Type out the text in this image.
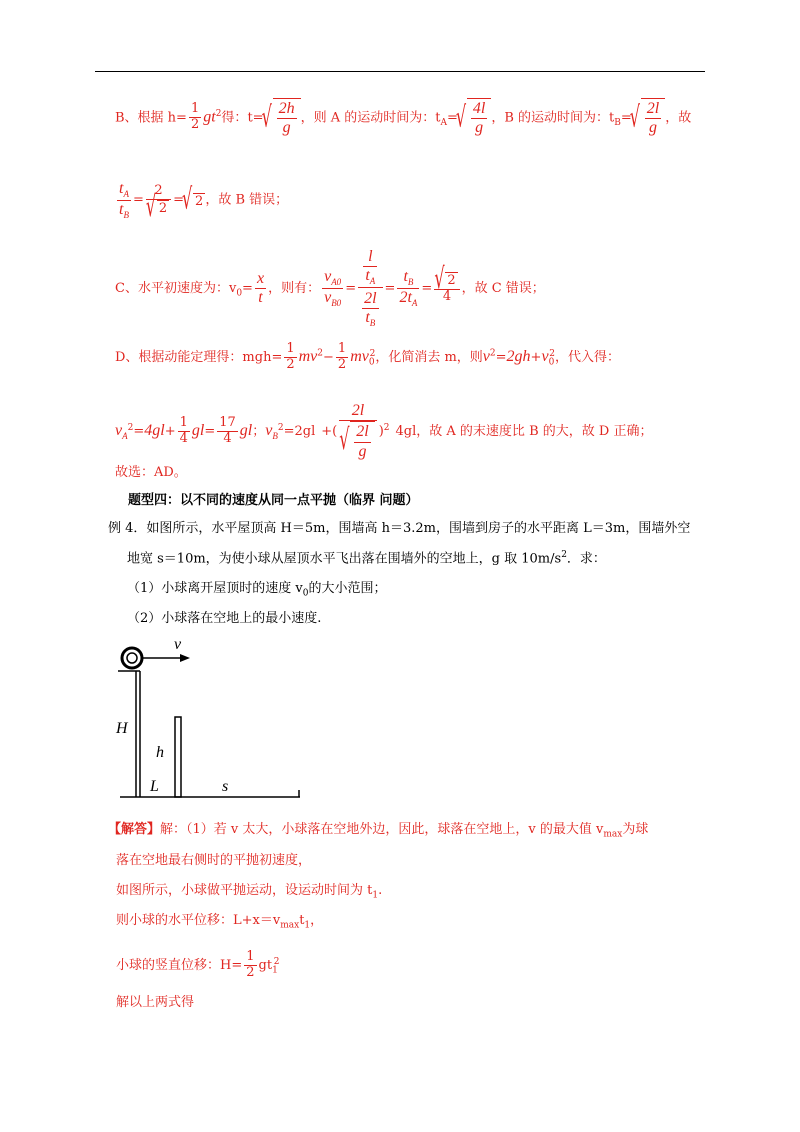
B、根据 $h= \frac{1}{2} gt^2$得：t= √ $\frac{2h}{g}$ ，则 A 的运动时间为：$t_A=$ √ $\frac{4l}{g}$ ，B 的运动时间为：$t_B=$ √ $\frac{2l}{g}$ ，故
$\frac{t_A}{t_B} = 2$
√ 2 = √ 2 ，故 B 错误；
C、水平初速度为：$v_0= \frac{x}{t}$ ，则有： $\frac{v_{A0}}{v_{B0}} = \frac{\frac{l}{t_A}}{\frac{2l}{t_B}} = \frac{t_B}{2t_A}$ = √ $\frac{2}{4}$ ，故 C 错误；
D、根据动能定理得：$mgh= \frac{1}{2} mv^2- \frac{1}{2} mv_0^2$，化简消去 m，则$v^2=2gh+v_0^2$，代入得：
$v_A^2=4gl+ \frac{1}{4} gl= \frac{17}{4}$ gl；$v_B^2=2gl$ +( 2l
√ $\frac{2l}{g} )^2$ 4gl，故 A 的末速度比 B 的大，故 D 正确；
故选：AD。
题型四：以不同的速度从同一点平抛（临界 问题）
例 4．如图所示，水平屋顶高 H＝5m，围墙高 h＝3.2m，围墙到房子的水平距离 L＝3m，围墙外空
地宽 s＝10m，为使小球从屋顶水平飞出落在围墙外的空地上，g 取 $10m/s^2$．求：
（1）小球离开屋顶时的速度 $v_0$的大小范围；
（2）小球落在空地上的最小速度.
v
H
h
L	s
【解答】解：（1）若 v 太大，小球落在空地外边，因此，球落在空地上，v 的最大值 $v_{max}$为球
落在空地最右侧时的平抛初速度，
如图所示，小球做平抛运动，设运动时间为 $t_1$.
则小球的水平位移：$L+x=v_{max}t_1$，
小球的竖直位移：$H= \frac{1}{2} gt_1^2$
解以上两式得
